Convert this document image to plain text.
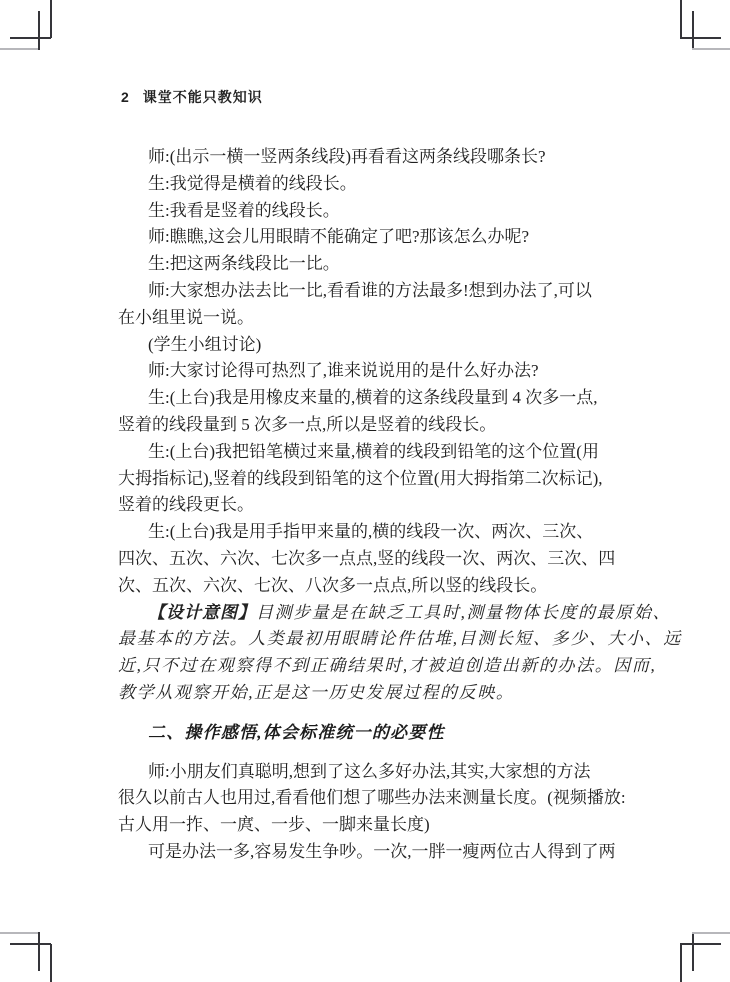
2 课堂不能只教知识
师:(出示一横一竖两条线段)再看看这两条线段哪条长?
生:我觉得是横着的线段长。
生:我看是竖着的线段长。
师:瞧瞧,这会儿用眼睛不能确定了吧?那该怎么办呢?
生:把这两条线段比一比。
师:大家想办法去比一比,看看谁的方法最多!想到办法了,可以
在小组里说一说。
(学生小组讨论)
师:大家讨论得可热烈了,谁来说说用的是什么好办法?
生:(上台)我是用橡皮来量的,横着的这条线段量到 4 次多一点,
竖着的线段量到 5 次多一点,所以是竖着的线段长。
生:(上台)我把铅笔横过来量,横着的线段到铅笔的这个位置(用
大拇指标记),竖着的线段到铅笔的这个位置(用大拇指第二次标记),
竖着的线段更长。
生:(上台)我是用手指甲来量的,横的线段一次、两次、三次、
四次、五次、六次、七次多一点点,竖的线段一次、两次、三次、四
次、五次、六次、七次、八次多一点点,所以竖的线段长。
【设计意图】目测步量是在缺乏工具时,测量物体长度的最原始、
最基本的方法。人类最初用眼睛论件估堆,目测长短、多少、大小、远
近,只不过在观察得不到正确结果时,才被迫创造出新的办法。因而,
教学从观察开始,正是这一历史发展过程的反映。
二、操作感悟,体会标准统一的必要性
师:小朋友们真聪明,想到了这么多好办法,其实,大家想的方法
很久以前古人也用过,看看他们想了哪些办法来测量长度。(视频播放:
古人用一拃、一庹、一步、一脚来量长度)
可是办法一多,容易发生争吵。一次,一胖一瘦两位古人得到了两
